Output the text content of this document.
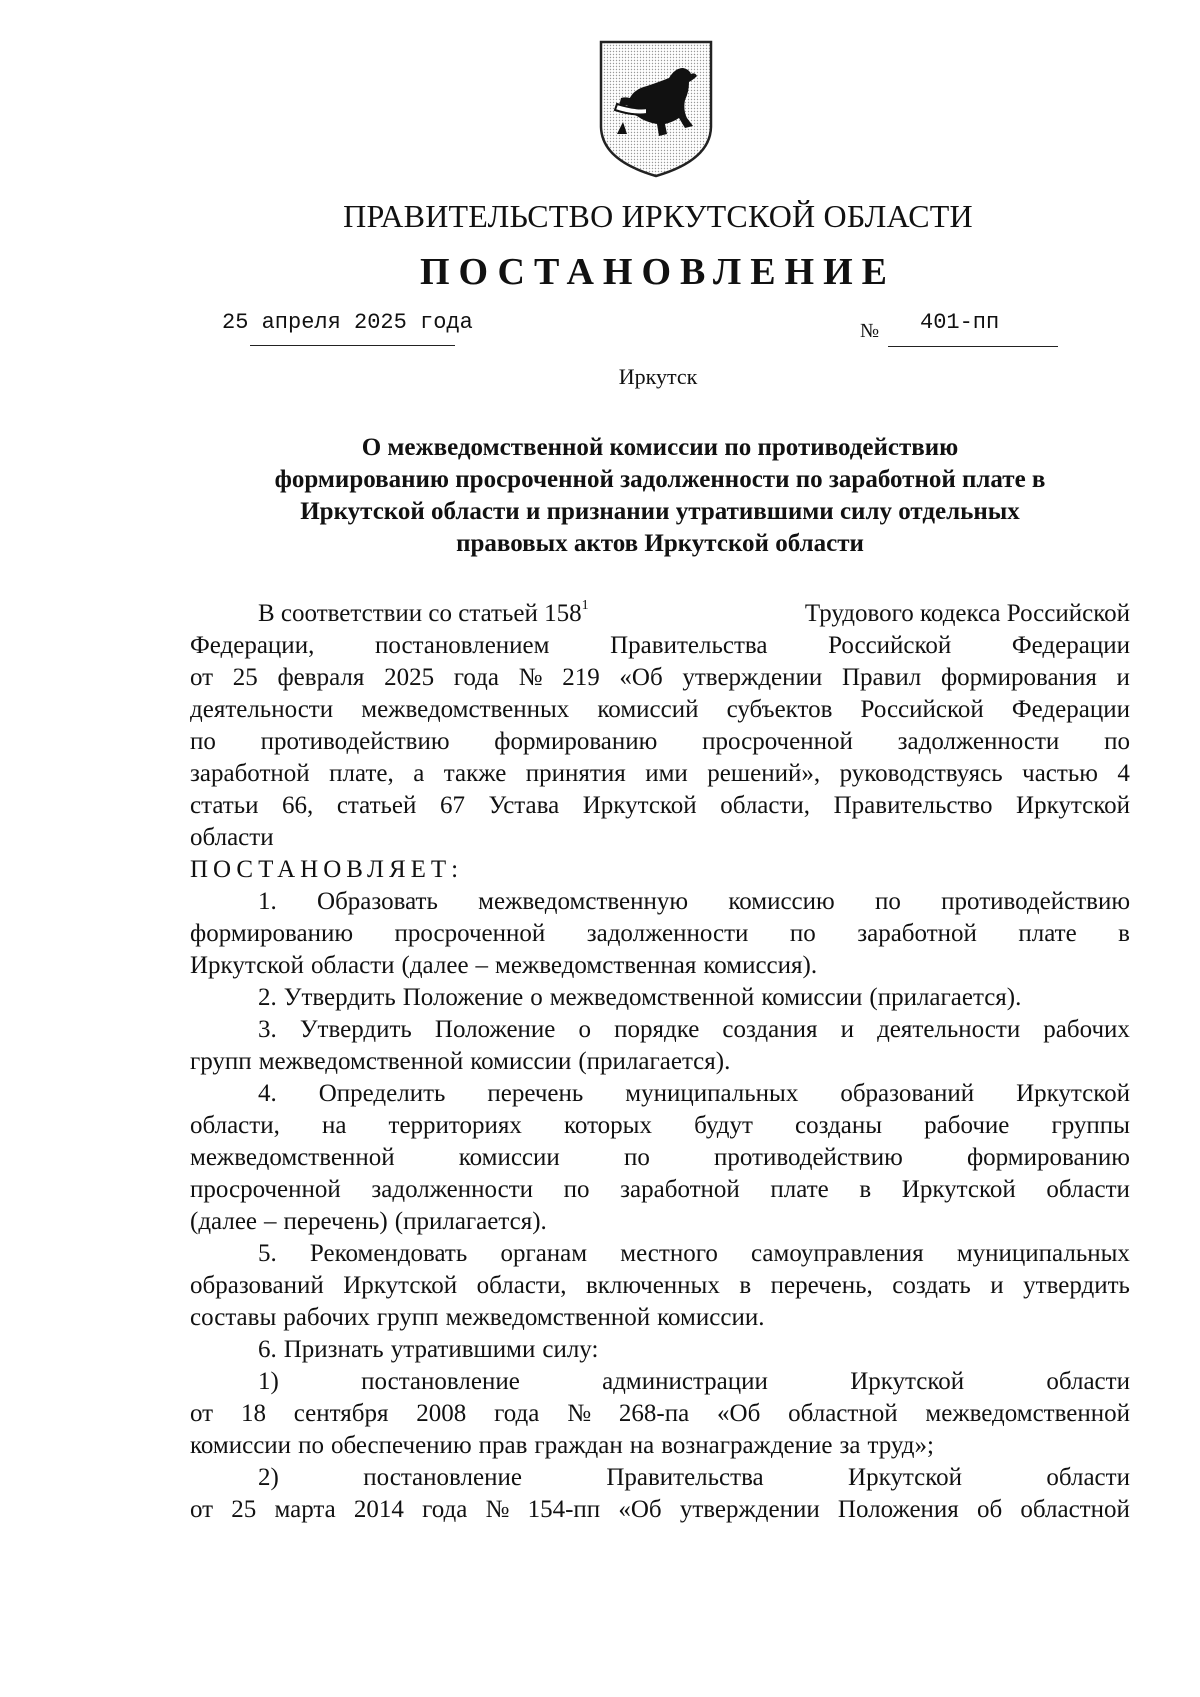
ПРАВИТЕЛЬСТВО ИРКУТСКОЙ ОБЛАСТИ
ПОСТАНОВЛЕНИЕ
25 апреля 2025 года	№ 401-пп
Иркутск
О межведомственной комиссии по противодействию
формированию просроченной задолженности по заработной плате в
Иркутской области и признании утратившими силу отдельных
правовых актов Иркутской области
В соответствии со статьей $158^1$	Трудового кодекса Российской
Федерации, постановлением Правительства Российской Федерации
от 25 февраля 2025 года № 219 «Об утверждении Правил формирования и
деятельности межведомственных комиссий субъектов Российской Федерации
по противодействию формированию просроченной задолженности по
заработной плате, а также принятия ими решений», руководствуясь частью 4
статьи 66, статьей 67 Устава Иркутской области, Правительство Иркутской
области
ПОСТАНОВЛЯЕТ:
1. Образовать межведомственную комиссию по противодействию
формированию просроченной задолженности по заработной плате в
Иркутской области (далее – межведомственная комиссия).
2. Утвердить Положение о межведомственной комиссии (прилагается).
3. Утвердить Положение о порядке создания и деятельности рабочих
групп межведомственной комиссии (прилагается).
4. Определить перечень муниципальных образований Иркутской
области, на территориях которых будут созданы рабочие группы
межведомственной	комиссии	по	противодействию	формированию
просроченной задолженности по заработной плате в Иркутской области
(далее – перечень) (прилагается).
5. Рекомендовать органам местного самоуправления муниципальных
образований Иркутской области, включенных в перечень, создать и утвердить
составы рабочих групп межведомственной комиссии.
6. Признать утратившими силу:
1)	постановление	администрации	Иркутской	области
от 18 сентября 2008 года № 268-па «Об областной межведомственной
комиссии по обеспечению прав граждан на вознаграждение за труд»;
2)	постановление	Правительства	Иркутской	области
от 25 марта 2014 года № 154-пп «Об утверждении Положения об областной
